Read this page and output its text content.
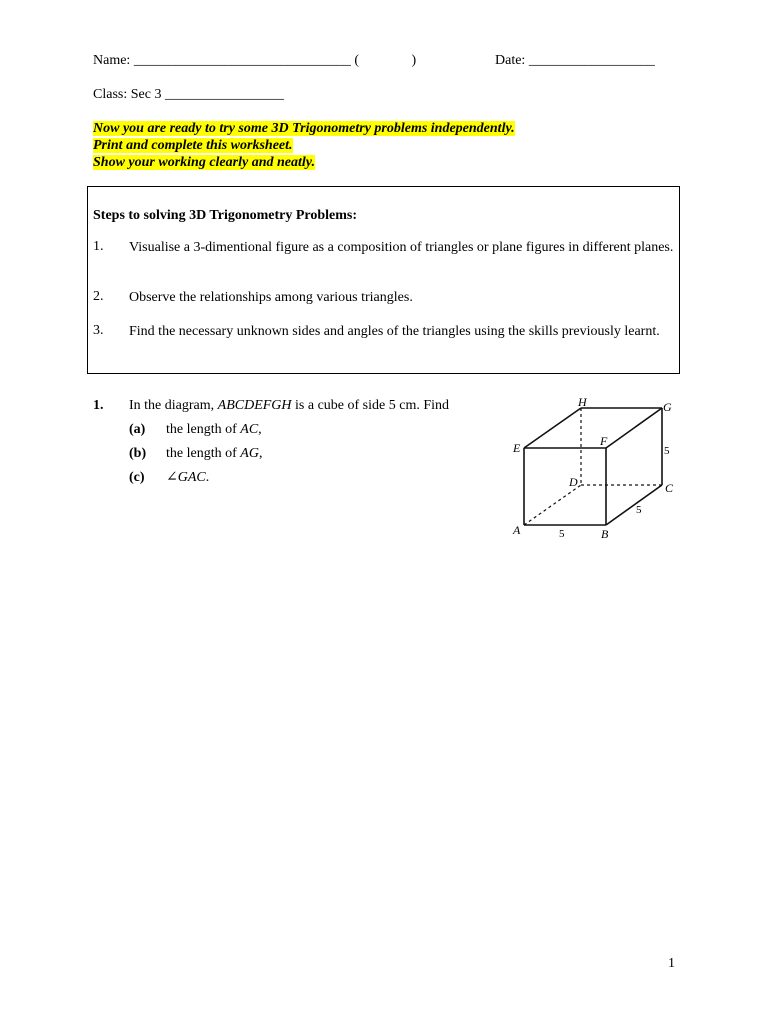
Name: _______________________________ (               )	Date: __________________
Class: Sec 3 _________________
Now you are ready to try some 3D Trigonometry problems independently.
Print and complete this worksheet.
Show your working clearly and neatly.
Steps to solving 3D Trigonometry Problems:
1. Visualise a 3-dimentional figure as a composition of triangles or plane figures in different planes.
2. Observe the relationships among various triangles.
3. Find the necessary unknown sides and angles of the triangles using the skills previously learnt.
1. In the diagram, ABCDEFGH is a cube of side 5 cm. Find
(a) the length of AC,
(b) the length of AG,
(c) ∠GAC.
H	G
E	F
D	C
A	B
5
5
5
1
